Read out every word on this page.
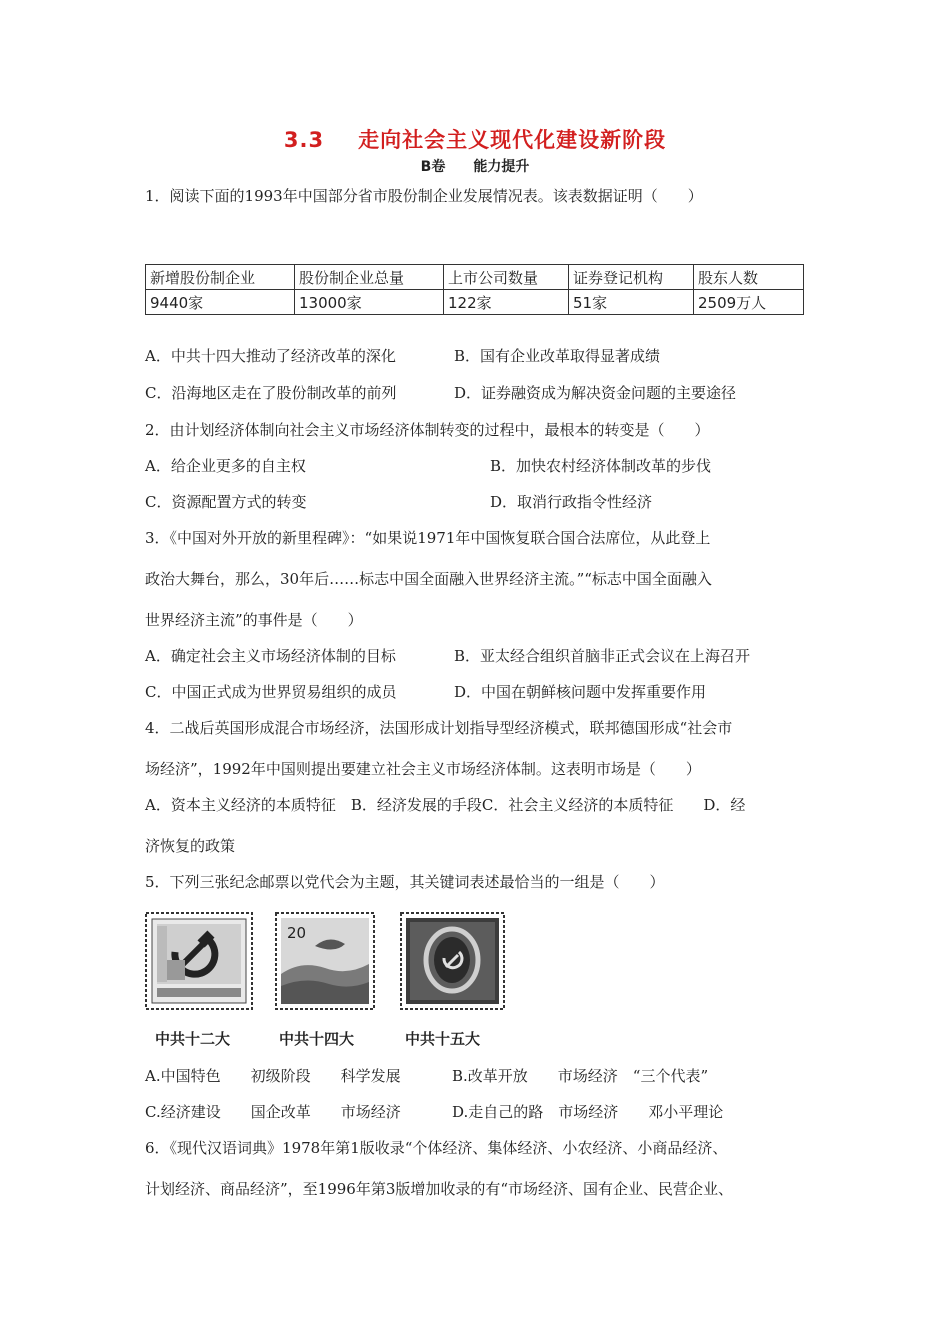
3.3 走向社会主义现代化建设新阶段
B卷 能力提升
1．阅读下面的1993年中国部分省市股份制企业发展情况表。该表数据证明（　　）
新增股份制企业	股份制企业总量	上市公司数量	证券登记机构	股东人数
9440家	13000家	122家	51家	2509万人
A．中共十四大推动了经济改革的深化	B．国有企业改革取得显著成绩
C．沿海地区走在了股份制改革的前列	D．证券融资成为解决资金问题的主要途径
2．由计划经济体制向社会主义市场经济体制转变的过程中，最根本的转变是（　　）
A．给企业更多的自主权	B．加快农村经济体制改革的步伐
C．资源配置方式的转变	D．取消行政指令性经济
3．《中国对外开放的新里程碑》：“如果说1971年中国恢复联合国合法席位，从此登上
政治大舞台，那么，30年后……标志中国全面融入世界经济主流。”“标志中国全面融入
世界经济主流”的事件是（　　）
A．确定社会主义市场经济体制的目标	B．亚太经合组织首脑非正式会议在上海召开
C．中国正式成为世界贸易组织的成员	D．中国在朝鲜核问题中发挥重要作用
4．二战后英国形成混合市场经济，法国形成计划指导型经济模式，联邦德国形成“社会市
场经济”，1992年中国则提出要建立社会主义市场经济体制。这表明市场是（　　）
A．资本主义经济的本质特征　B．经济发展的手段C．社会主义经济的本质特征　　D．经
济恢复的政策
5．下列三张纪念邮票以党代会为主题，其关键词表述最恰当的一组是（　　）
20
中共十二大	中共十四大	中共十五大
A.中国特色　　初级阶段　　科学发展	B.改革开放　　市场经济　“三个代表”
C.经济建设　　国企改革　　市场经济	D.走自己的路　市场经济　　邓小平理论
6．《现代汉语词典》1978年第1版收录“个体经济、集体经济、小农经济、小商品经济、
计划经济、商品经济”，至1996年第3版增加收录的有“市场经济、国有企业、民营企业、
